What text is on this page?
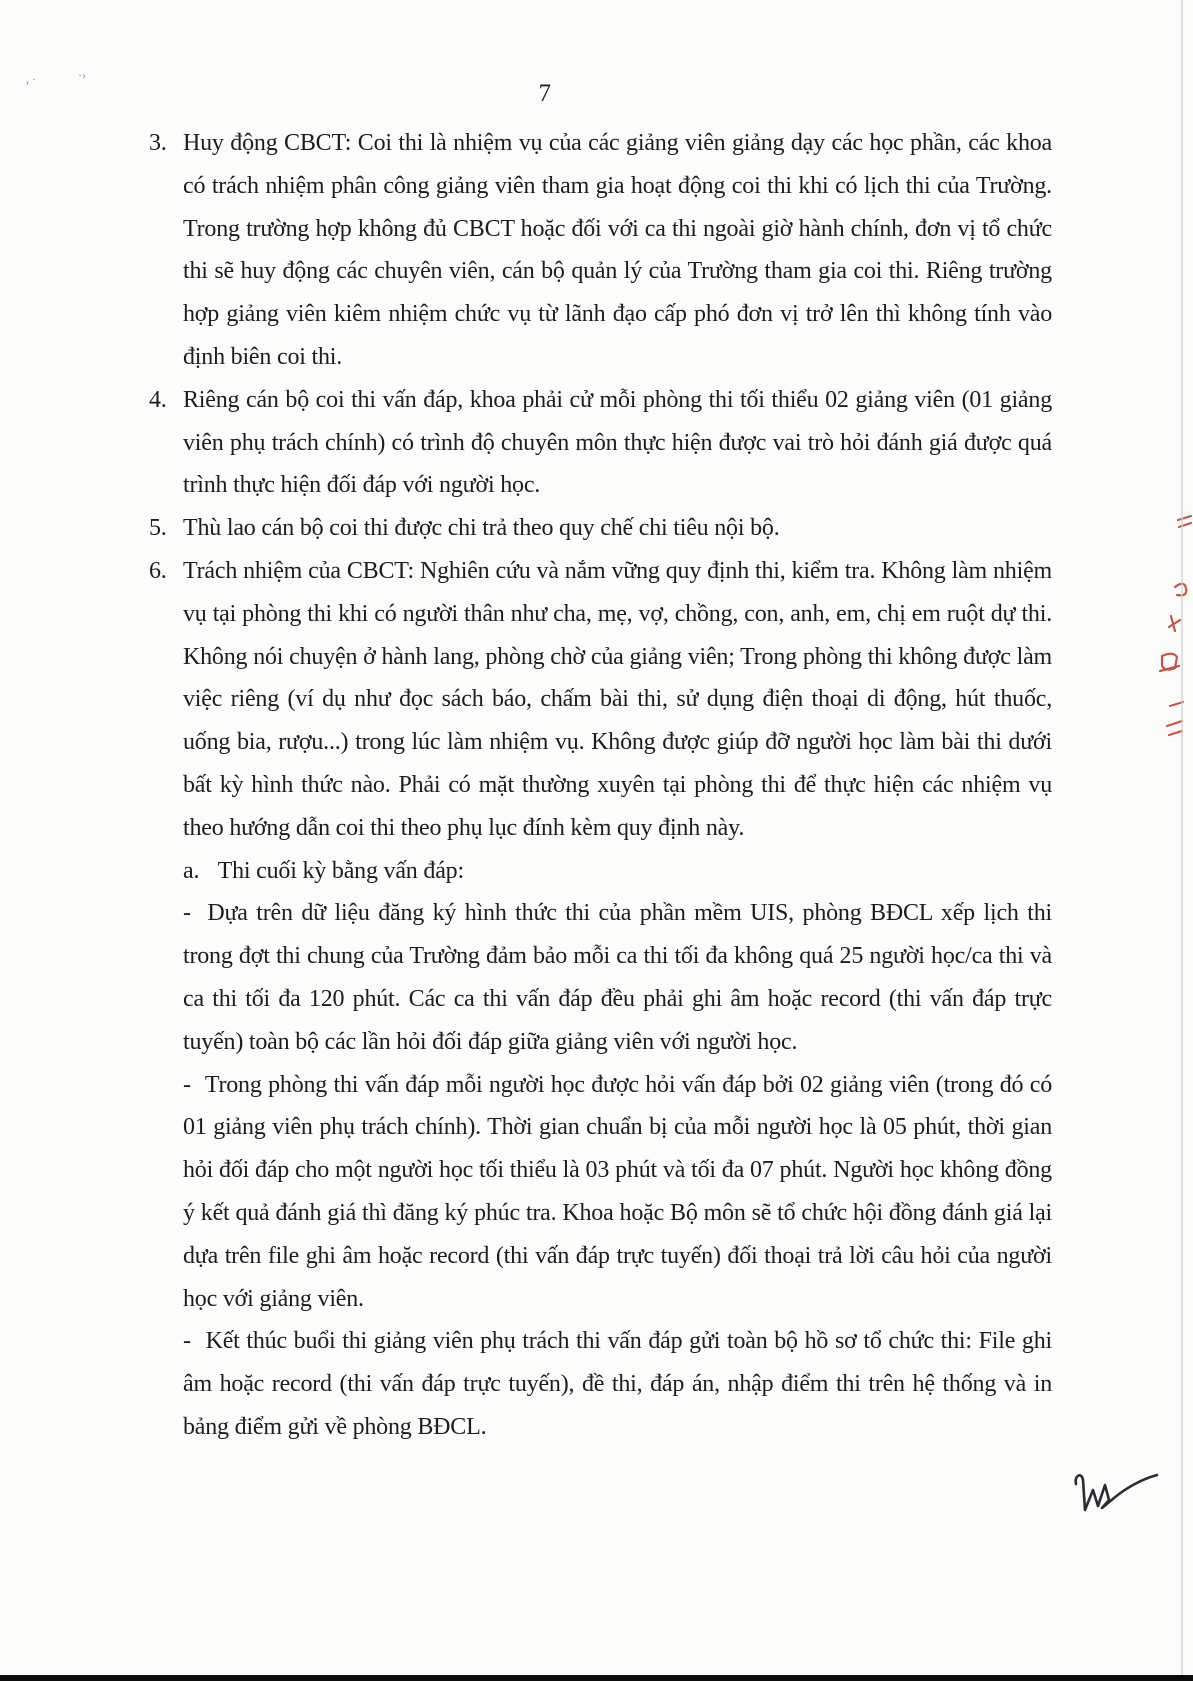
7
, ·	·›

3. Huy động CBCT: Coi thi là nhiệm vụ của các giảng viên giảng dạy các học phần, các khoa có trách nhiệm phân công giảng viên tham gia hoạt động coi thi khi có lịch thi của Trường. Trong trường hợp không đủ CBCT hoặc đối với ca thi ngoài giờ hành chính, đơn vị tổ chức thi sẽ huy động các chuyên viên, cán bộ quản lý của Trường tham gia coi thi. Riêng trường hợp giảng viên kiêm nhiệm chức vụ từ lãnh đạo cấp phó đơn vị trở lên thì không tính vào định biên coi thi.

4. Riêng cán bộ coi thi vấn đáp, khoa phải cử mỗi phòng thi tối thiểu 02 giảng viên (01 giảng viên phụ trách chính) có trình độ chuyên môn thực hiện được vai trò hỏi đánh giá được quá trình thực hiện đối đáp với người học.

5. Thù lao cán bộ coi thi được chi trả theo quy chế chi tiêu nội bộ.

6. Trách nhiệm của CBCT: Nghiên cứu và nắm vững quy định thi, kiểm tra. Không làm nhiệm vụ tại phòng thi khi có người thân như cha, mẹ, vợ, chồng, con, anh, em, chị em ruột dự thi. Không nói chuyện ở hành lang, phòng chờ của giảng viên; Trong phòng thi không được làm việc riêng (ví dụ như đọc sách báo, chấm bài thi, sử dụng điện thoại di động, hút thuốc, uống bia, rượu...) trong lúc làm nhiệm vụ. Không được giúp đỡ người học làm bài thi dưới bất kỳ hình thức nào. Phải có mặt thường xuyên tại phòng thi để thực hiện các nhiệm vụ theo hướng dẫn coi thi theo phụ lục đính kèm quy định này.

a. Thi cuối kỳ bằng vấn đáp:

- Dựa trên dữ liệu đăng ký hình thức thi của phần mềm UIS, phòng BĐCL xếp lịch thi trong đợt thi chung của Trường đảm bảo mỗi ca thi tối đa không quá 25 người học/ca thi và ca thi tối đa 120 phút. Các ca thi vấn đáp đều phải ghi âm hoặc record (thi vấn đáp trực tuyến) toàn bộ các lần hỏi đối đáp giữa giảng viên với người học.

- Trong phòng thi vấn đáp mỗi người học được hỏi vấn đáp bởi 02 giảng viên (trong đó có 01 giảng viên phụ trách chính). Thời gian chuẩn bị của mỗi người học là 05 phút, thời gian hỏi đối đáp cho một người học tối thiểu là 03 phút và tối đa 07 phút. Người học không đồng ý kết quả đánh giá thì đăng ký phúc tra. Khoa hoặc Bộ môn sẽ tổ chức hội đồng đánh giá lại dựa trên file ghi âm hoặc record (thi vấn đáp trực tuyến) đối thoại trả lời câu hỏi của người học với giảng viên.

- Kết thúc buổi thi giảng viên phụ trách thi vấn đáp gửi toàn bộ hồ sơ tổ chức thi: File ghi âm hoặc record (thi vấn đáp trực tuyến), đề thi, đáp án, nhập điểm thi trên hệ thống và in bảng điểm gửi về phòng BĐCL.
